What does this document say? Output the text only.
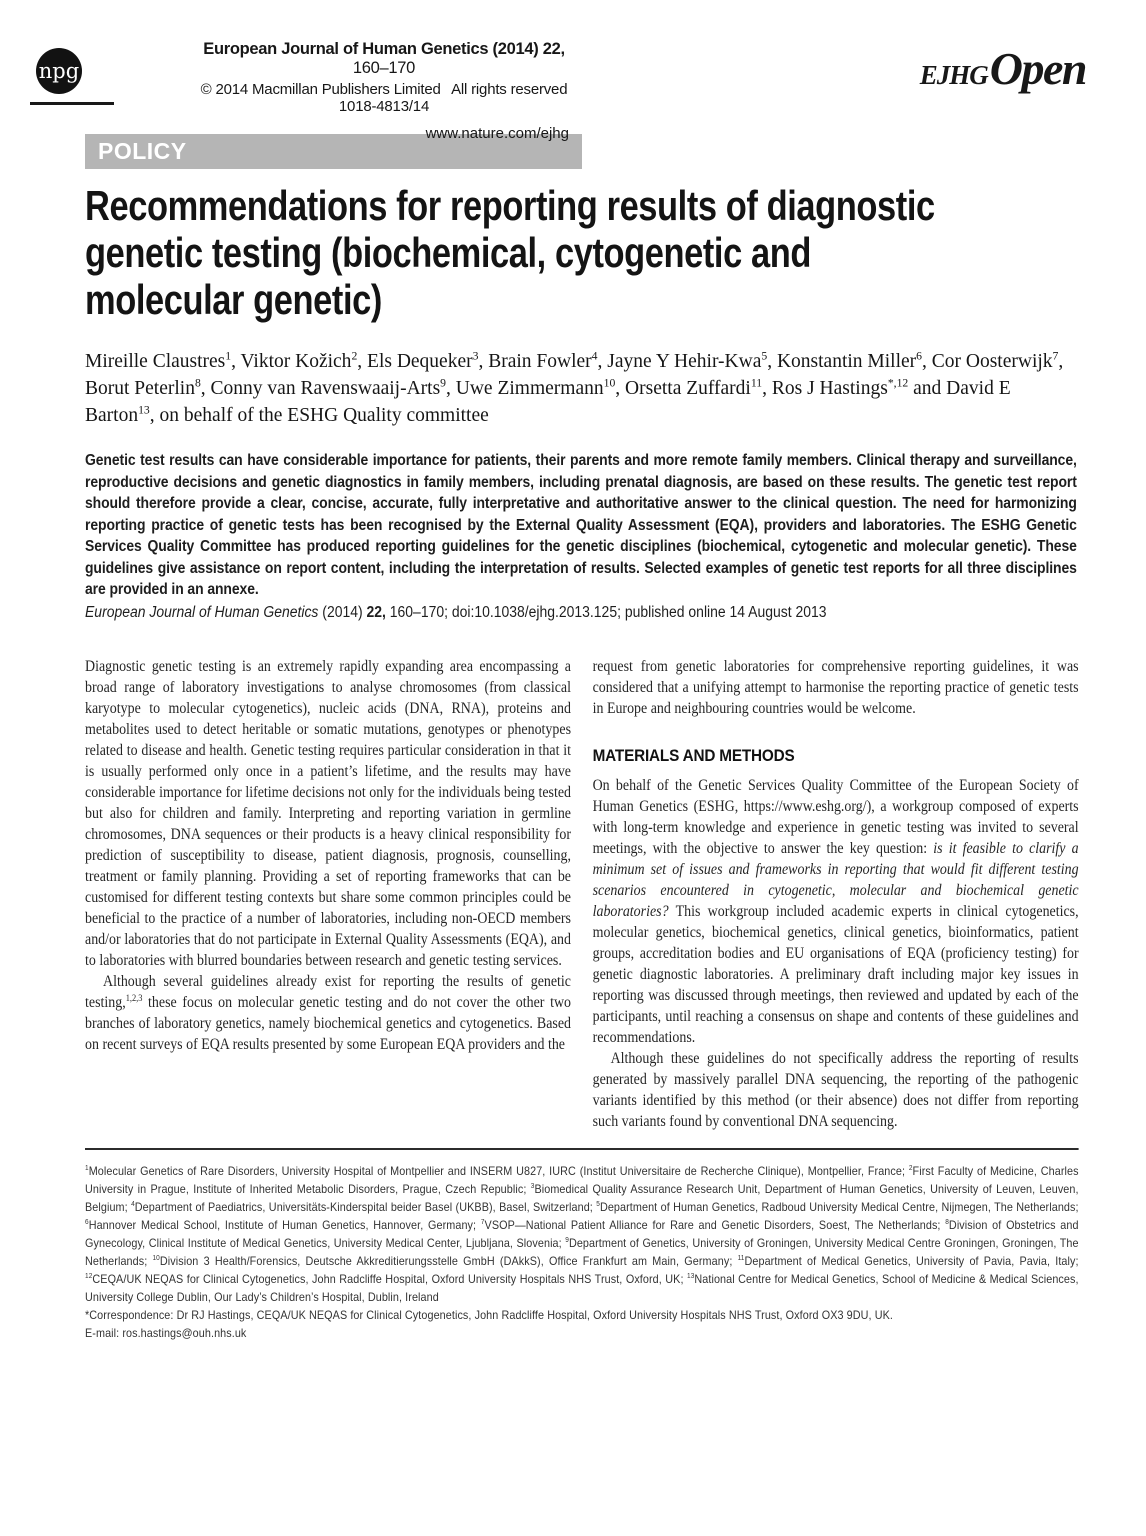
npg
European Journal of Human Genetics (2014) 22, 160–170
© 2014 Macmillan Publishers Limited  All rights reserved 1018-4813/14
www.nature.com/ejhg
EJHG Open
POLICY
Recommendations for reporting results of diagnostic
genetic testing (biochemical, cytogenetic and
molecular genetic)

Mireille Claustres$^1$, Viktor Kožich$^2$, Els Dequeker$^3$, Brain Fowler$^4$, Jayne Y Hehir-Kwa$^5$, Konstantin Miller$^6$, Cor Oosterwijk$^7$, Borut Peterlin$^8$, Conny van Ravenswaaij-Arts$^9$, Uwe Zimmermann$^{10}$, Orsetta Zuffardi$^{11}$, Ros J Hastings$^{*,12}$ and David E Barton$^{13}$, on behalf of the ESHG Quality committee

Genetic test results can have considerable importance for patients, their parents and more remote family members. Clinical therapy and surveillance, reproductive decisions and genetic diagnostics in family members, including prenatal diagnosis, are based on these results. The genetic test report should therefore provide a clear, concise, accurate, fully interpretative and authoritative answer to the clinical question. The need for harmonizing reporting practice of genetic tests has been recognised by the External Quality Assessment (EQA), providers and laboratories. The ESHG Genetic Services Quality Committee has produced reporting guidelines for the genetic disciplines (biochemical, cytogenetic and molecular genetic). These guidelines give assistance on report content, including the interpretation of results. Selected examples of genetic test reports for all three disciplines are provided in an annexe.

European Journal of Human Genetics (2014) 22, 160–170; doi:10.1038/ejhg.2013.125; published online 14 August 2013

Diagnostic genetic testing is an extremely rapidly expanding area encompassing a broad range of laboratory investigations to analyse chromosomes (from classical karyotype to molecular cytogenetics), nucleic acids (DNA, RNA), proteins and metabolites used to detect heritable or somatic mutations, genotypes or phenotypes related to disease and health. Genetic testing requires particular consideration in that it is usually performed only once in a patient’s lifetime, and the results may have considerable importance for lifetime decisions not only for the individuals being tested but also for children and family. Interpreting and reporting variation in germline chromosomes, DNA sequences or their products is a heavy clinical responsibility for prediction of susceptibility to disease, patient diagnosis, prognosis, counselling, treatment or family planning. Providing a set of reporting frameworks that can be customised for different testing contexts but share some common principles could be beneficial to the practice of a number of laboratories, including non-OECD members and/or laboratories that do not participate in External Quality Assessments (EQA), and to laboratories with blurred boundaries between research and genetic testing services.

Although several guidelines already exist for reporting the results of genetic testing,$^{1,2,3}$ these focus on molecular genetic testing and do not cover the other two branches of laboratory genetics, namely biochemical genetics and cytogenetics. Based on recent surveys of EQA results presented by some European EQA providers and the

request from genetic laboratories for comprehensive reporting guidelines, it was considered that a unifying attempt to harmonise the reporting practice of genetic tests in Europe and neighbouring countries would be welcome.

MATERIALS AND METHODS

On behalf of the Genetic Services Quality Committee of the European Society of Human Genetics (ESHG, https://www.eshg.org/), a workgroup composed of experts with long-term knowledge and experience in genetic testing was invited to several meetings, with the objective to answer the key question: is it feasible to clarify a minimum set of issues and frameworks in reporting that would fit different testing scenarios encountered in cytogenetic, molecular and biochemical genetic laboratories? This workgroup included academic experts in clinical cytogenetics, molecular genetics, biochemical genetics, clinical genetics, bioinformatics, patient groups, accreditation bodies and EU organisations of EQA (proficiency testing) for genetic diagnostic laboratories. A preliminary draft including major key issues in reporting was discussed through meetings, then reviewed and updated by each of the participants, until reaching a consensus on shape and contents of these guidelines and recommendations.

Although these guidelines do not specifically address the reporting of results generated by massively parallel DNA sequencing, the reporting of the pathogenic variants identified by this method (or their absence) does not differ from reporting such variants found by conventional DNA sequencing.

$^1$Molecular Genetics of Rare Disorders, University Hospital of Montpellier and INSERM U827, IURC (Institut Universitaire de Recherche Clinique), Montpellier, France; $^2$First Faculty of Medicine, Charles University in Prague, Institute of Inherited Metabolic Disorders, Prague, Czech Republic; $^3$Biomedical Quality Assurance Research Unit, Department of Human Genetics, University of Leuven, Leuven, Belgium; $^4$Department of Paediatrics, Universitäts-Kinderspital beider Basel (UKBB), Basel, Switzerland; $^5$Department of Human Genetics, Radboud University Medical Centre, Nijmegen, The Netherlands; $^6$Hannover Medical School, Institute of Human Genetics, Hannover, Germany; $^7$VSOP—National Patient Alliance for Rare and Genetic Disorders, Soest, The Netherlands; $^8$Division of Obstetrics and Gynecology, Clinical Institute of Medical Genetics, University Medical Center, Ljubljana, Slovenia; $^9$Department of Genetics, University of Groningen, University Medical Centre Groningen, Groningen, The Netherlands; $^{10}$Division 3 Health/Forensics, Deutsche Akkreditierungsstelle GmbH (DAkkS), Office Frankfurt am Main, Germany; $^{11}$Department of Medical Genetics, University of Pavia, Pavia, Italy; $^{12}$CEQA/UK NEQAS for Clinical Cytogenetics, John Radcliffe Hospital, Oxford University Hospitals NHS Trust, Oxford, UK; $^{13}$National Centre for Medical Genetics, School of Medicine & Medical Sciences, University College Dublin, Our Lady’s Children’s Hospital, Dublin, Ireland

*Correspondence: Dr RJ Hastings, CEQA/UK NEQAS for Clinical Cytogenetics, John Radcliffe Hospital, Oxford University Hospitals NHS Trust, Oxford OX3 9DU, UK.

E-mail: ros.hastings@ouh.nhs.uk
